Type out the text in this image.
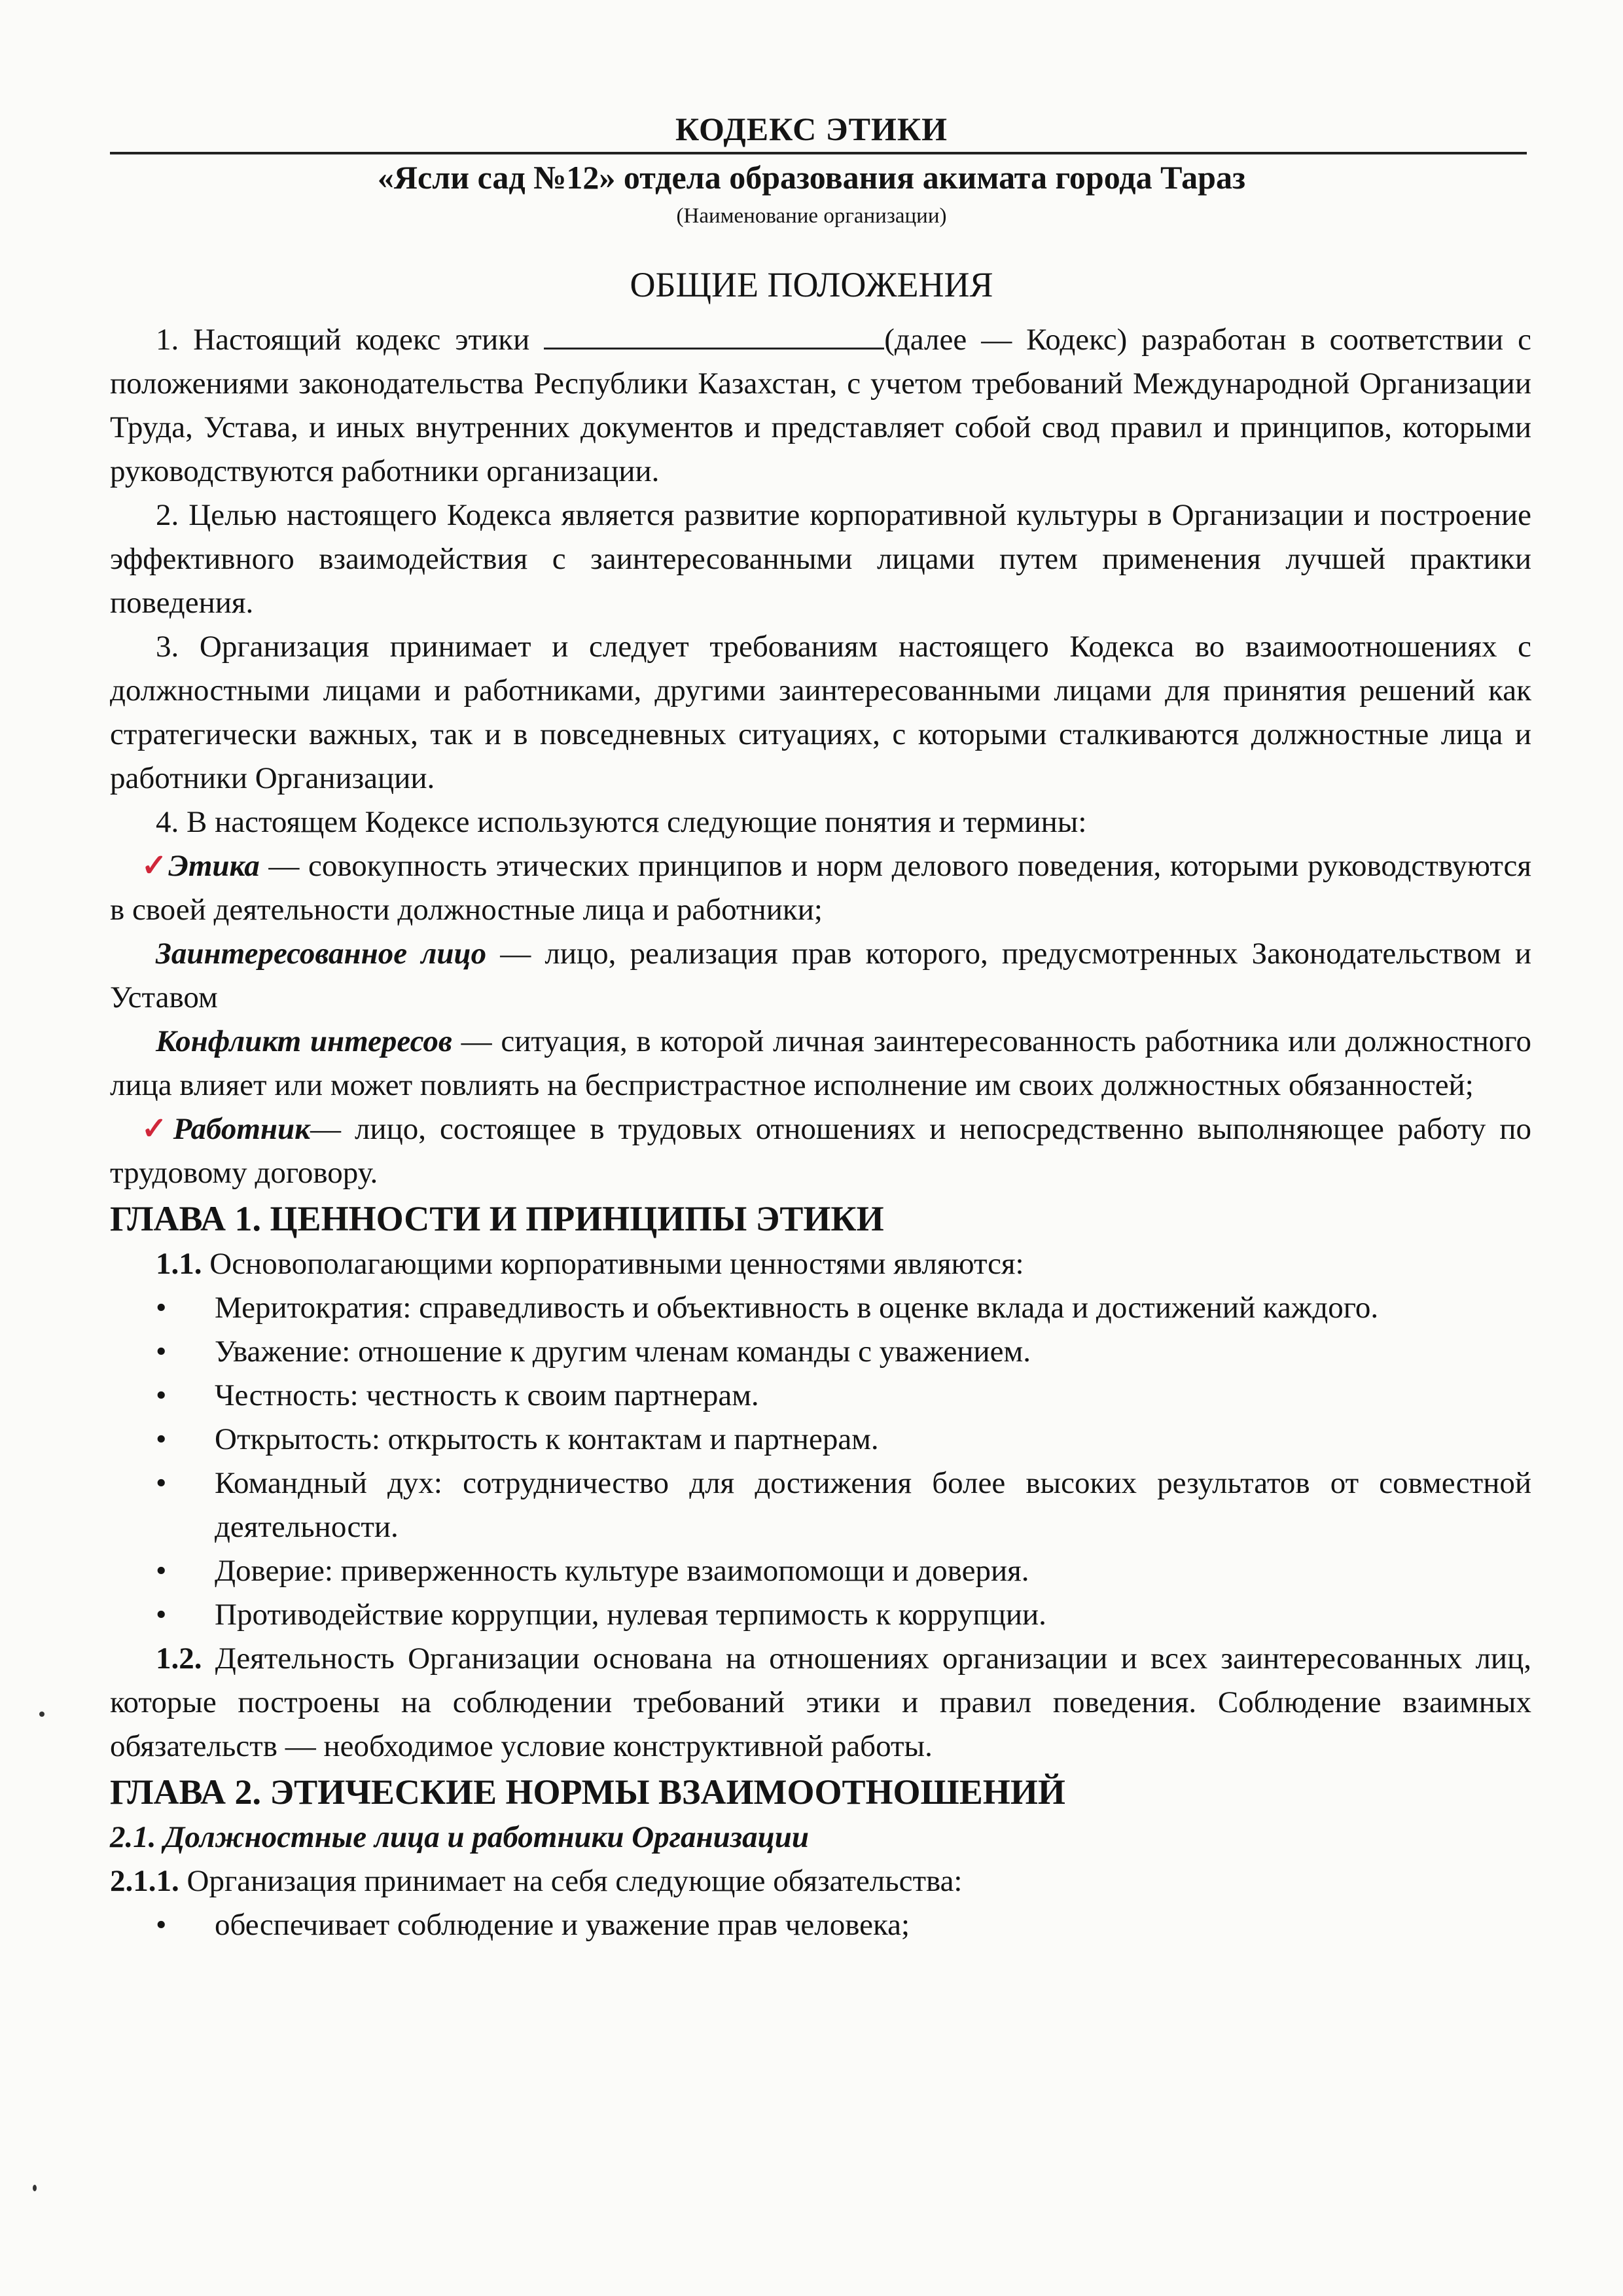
КОДЕКС ЭТИКИ
«Ясли сад №12» отдела образования акимата города Тараз
(Наименование организации)
ОБЩИЕ ПОЛОЖЕНИЯ

1. Настоящий кодекс этики	(далее — Кодекс) разработан в соответствии с положениями законодательства Республики Казахстан, с учетом требований Международной Организации Труда, Устава, и иных внутренних документов и представляет собой свод правил и принципов, которыми руководствуются работники организации.

2. Целью настоящего Кодекса является развитие корпоративной культуры в Организации и построение эффективного взаимодействия с заинтересованными лицами путем применения лучшей практики поведения.

3. Организация принимает и следует требованиям настоящего Кодекса во взаимоотношениях с должностными лицами и работниками, другими заинтересованными лицами для принятия решений как стратегически важных, так и в повседневных ситуациях, с которыми сталкиваются должностные лица и работники Организации.

4. В настоящем Кодексе используются следующие понятия и термины:

✓Этика — совокупность этических принципов и норм делового поведения, которыми руководствуются в своей деятельности должностные лица и работники;

Заинтересованное лицо — лицо, реализация прав которого, предусмотренных Законодательством и Уставом

Конфликт интересов — ситуация, в которой личная заинтересованность работника или должностного лица влияет или может повлиять на беспристрастное исполнение им своих должностных обязанностей;

✓Работник— лицо, состоящее в трудовых отношениях и непосредственно выполняющее работу по трудовому договору.

ГЛАВА 1. ЦЕННОСТИ И ПРИНЦИПЫ ЭТИКИ

1.1. Основополагающими корпоративными ценностями являются:

• Меритократия: справедливость и объективность в оценке вклада и достижений каждого.

• Уважение: отношение к другим членам команды с уважением.

• Честность: честность к своим партнерам.

• Открытость: открытость к контактам и партнерам.

• Командный дух: сотрудничество для достижения более высоких результатов от совместной деятельности.

• Доверие: приверженность культуре взаимопомощи и доверия.

• Противодействие коррупции, нулевая терпимость к коррупции.

1.2. Деятельность Организации основана на отношениях организации и всех заинтересованных лиц, которые построены на соблюдении требований этики и правил поведения. Соблюдение взаимных обязательств — необходимое условие конструктивной работы.

ГЛАВА 2. ЭТИЧЕСКИЕ НОРМЫ ВЗАИМООТНОШЕНИЙ

2.1. Должностные лица и работники Организации

2.1.1. Организация принимает на себя следующие обязательства:

• обеспечивает соблюдение и уважение прав человека;
